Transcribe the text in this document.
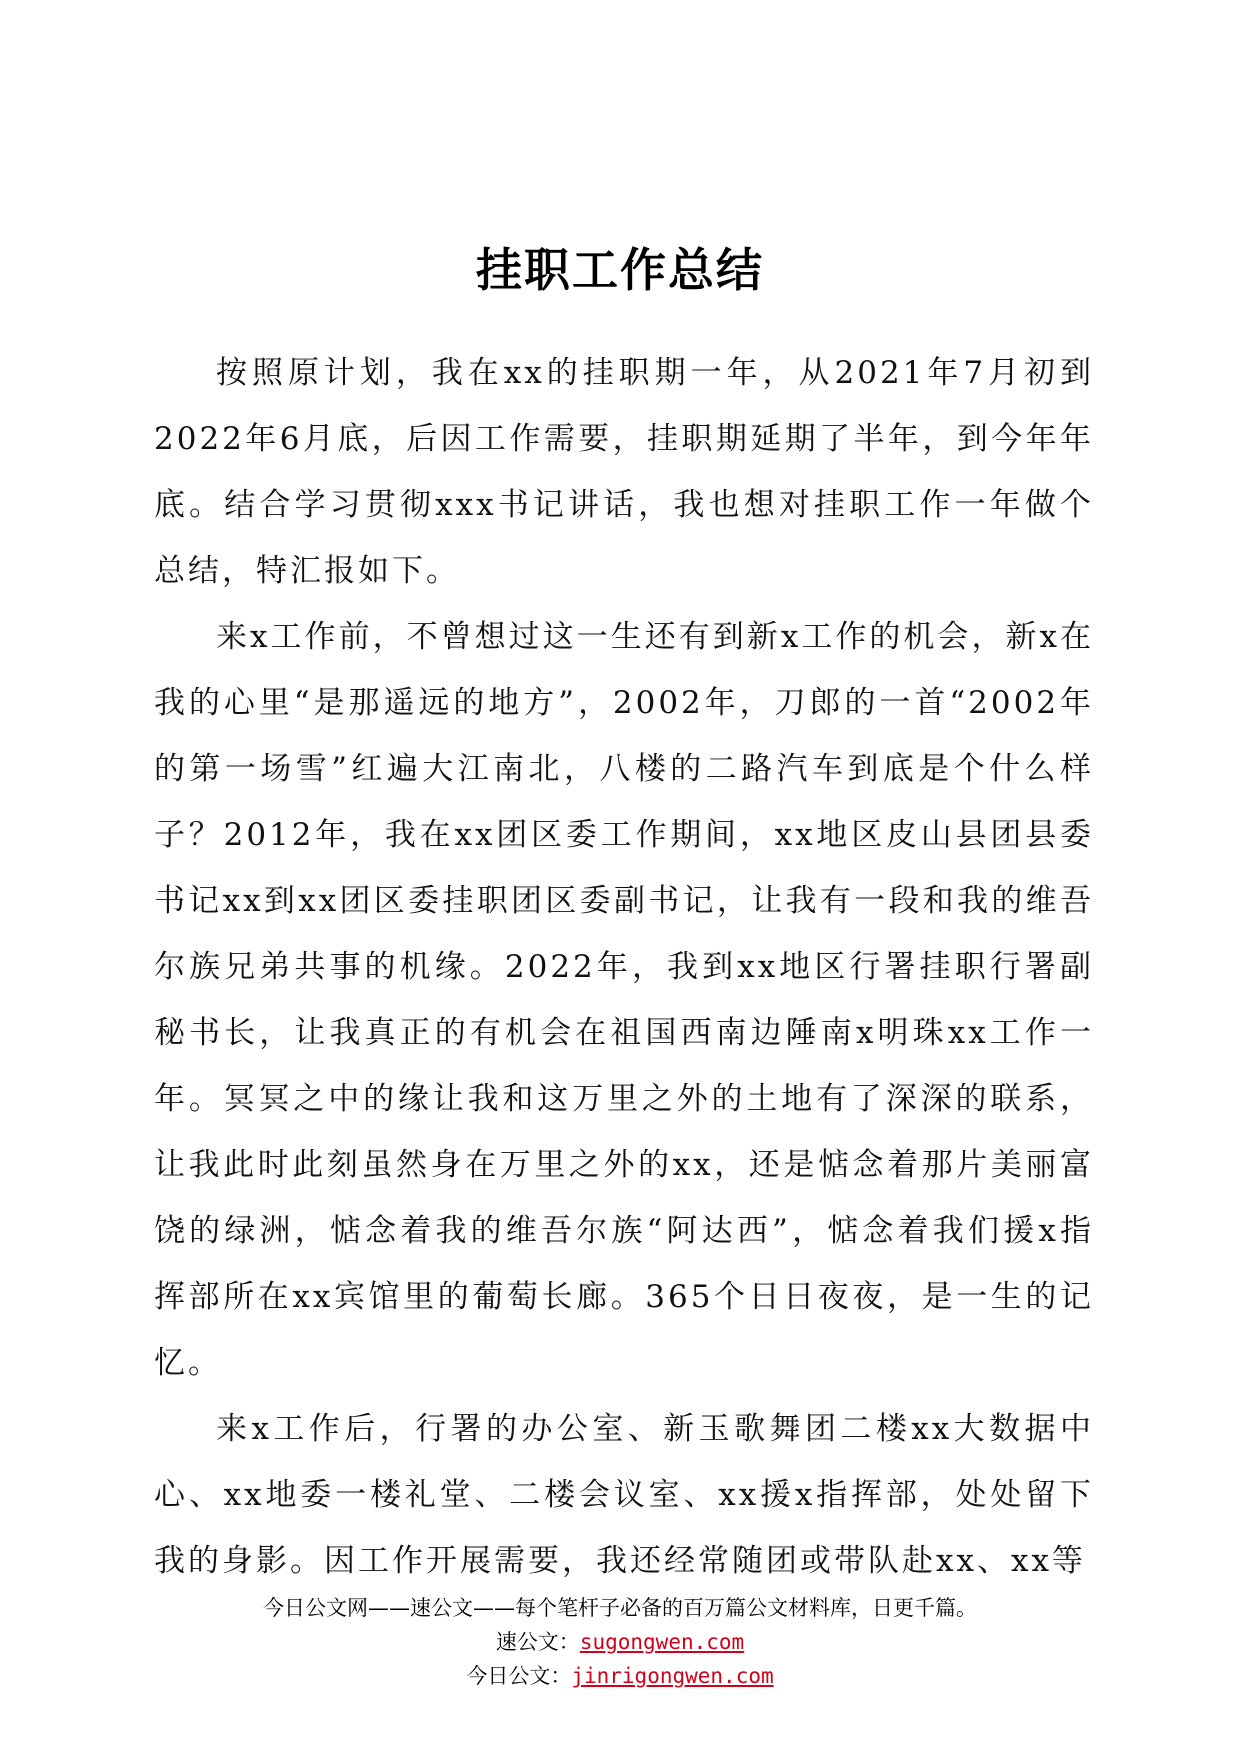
挂职工作总结

按照原计划，我在xx的挂职期一年，从2021年7月初到2022年6月底，后因工作需要，挂职期延期了半年，到今年年底。结合学习贯彻xxx书记讲话，我也想对挂职工作一年做个总结，特汇报如下。

来x工作前，不曾想过这一生还有到新x工作的机会，新x在我的心里“是那遥远的地方”，2002年，刀郎的一首“2002年的第一场雪”红遍大江南北，八楼的二路汽车到底是个什么样子？2012年，我在xx团区委工作期间，xx地区皮山县团县委书记xx到xx团区委挂职团区委副书记，让我有一段和我的维吾尔族兄弟共事的机缘。2022年，我到xx地区行署挂职行署副秘书长，让我真正的有机会在祖国西南边陲南x明珠xx工作一年。冥冥之中的缘让我和这万里之外的土地有了深深的联系，让我此时此刻虽然身在万里之外的xx，还是惦念着那片美丽富饶的绿洲，惦念着我的维吾尔族“阿达西”，惦念着我们援x指挥部所在xx宾馆里的葡萄长廊。365个日日夜夜，是一生的记忆。

来x工作后，行署的办公室、新玉歌舞团二楼xx大数据中心、xx地委一楼礼堂、二楼会议室、xx援x指挥部，处处留下我的身影。因工作开展需要，我还经常随团或带队赴xx、xx等

今日公文网——速公文——每个笔杆子必备的百万篇公文材料库，日更千篇。
速公文：sugongwen.com
今日公文：jinrigongwen.com
